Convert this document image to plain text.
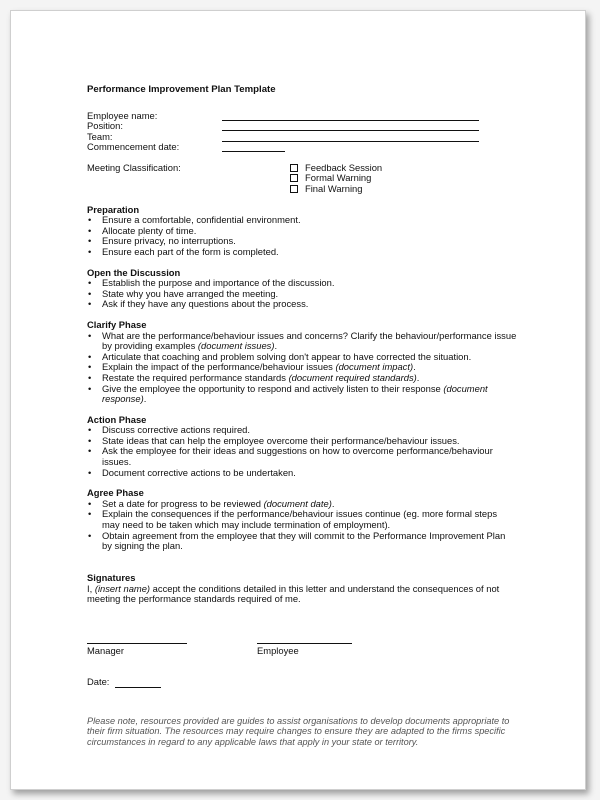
Performance Improvement Plan Template
Employee name:
Position:
Team:
Commencement date:
Meeting Classification:	Feedback Session
Formal Warning
Final Warning
Preparation
• Ensure a comfortable, confidential environment.
• Allocate plenty of time.
• Ensure privacy, no interruptions.
• Ensure each part of the form is completed.
Open the Discussion
• Establish the purpose and importance of the discussion.
• State why you have arranged the meeting.
• Ask if they have any questions about the process.
Clarify Phase
• What are the performance/behaviour issues and concerns? Clarify the behaviour/performance issue by providing examples (document issues).
• Articulate that coaching and problem solving don't appear to have corrected the situation.
• Explain the impact of the performance/behaviour issues (document impact).
• Restate the required performance standards (document required standards).
• Give the employee the opportunity to respond and actively listen to their response (document response).
Action Phase
• Discuss corrective actions required.
• State ideas that can help the employee overcome their performance/behaviour issues.
• Ask the employee for their ideas and suggestions on how to overcome performance/behaviour issues.
• Document corrective actions to be undertaken.
Agree Phase
• Set a date for progress to be reviewed (document date).
• Explain the consequences if the performance/behaviour issues continue (eg. more formal steps may need to be taken which may include termination of employment).
• Obtain agreement from the employee that they will commit to the Performance Improvement Plan by signing the plan.
Signatures
I, (insert name) accept the conditions detailed in this letter and understand the consequences of not meeting the performance standards required of me.
Manager	Employee
Date:
Please note, resources provided are guides to assist organisations to develop documents appropriate to their firm situation. The resources may require changes to ensure they are adapted to the firms specific circumstances in regard to any applicable laws that apply in your state or territory.
